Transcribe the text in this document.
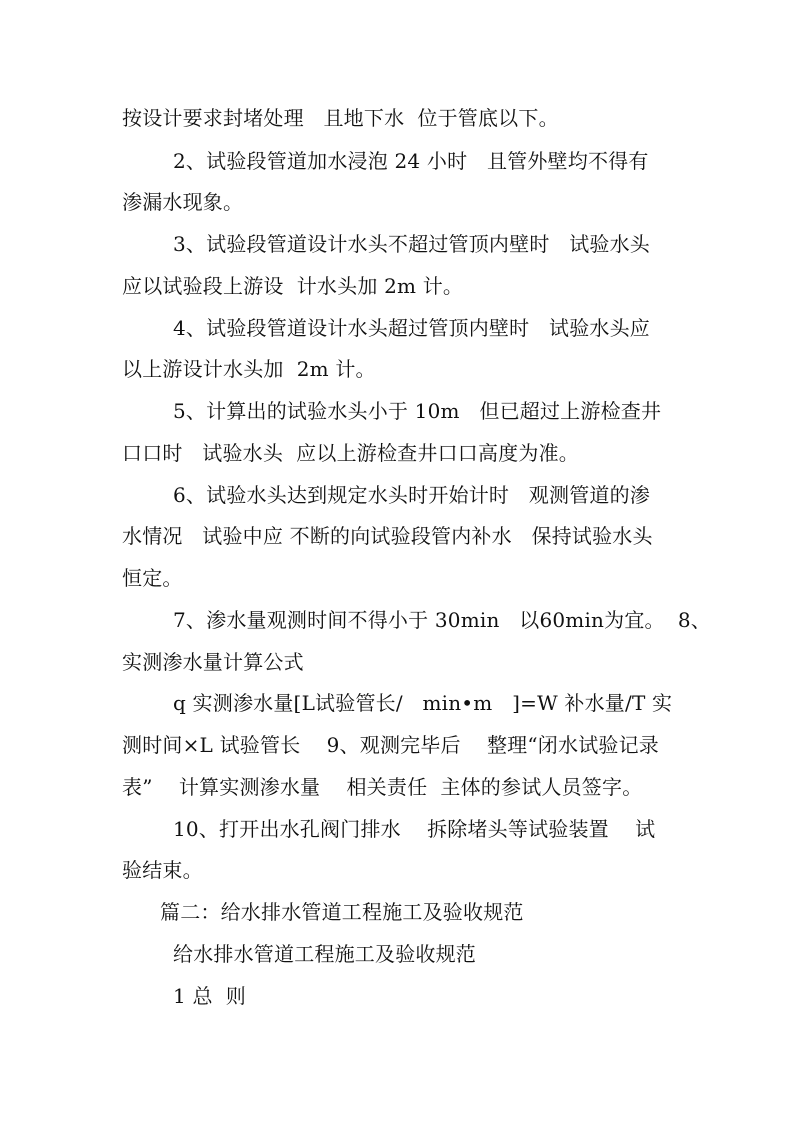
按设计要求封堵处理   且地下水  位于管底以下。
2、试验段管道加水浸泡 24 小时   且管外壁均不得有
渗漏水现象。
3、试验段管道设计水头不超过管顶内壁时   试验水头
应以试验段上游设  计水头加 2m 计。
4、试验段管道设计水头超过管顶内壁时   试验水头应
以上游设计水头加  2m 计。
5、计算出的试验水头小于 10m   但已超过上游检查井
口口时   试验水头  应以上游检查井口口高度为准。
6、试验水头达到规定水头时开始计时   观测管道的渗
水情况   试验中应 不断的向试验段管内补水   保持试验水头
恒定。
7、渗水量观测时间不得小于 30min   以60min为宜。  8、
实测渗水量计算公式
q 实测渗水量[L试验管长/   min•m   ]=W 补水量/T 实
测时间×L 试验管长    9、观测完毕后    整理“闭水试验记录
表”    计算实测渗水量    相关责任  主体的参试人员签字。
10、打开出水孔阀门排水    拆除堵头等试验装置    试
验结束。
篇二：给水排水管道工程施工及验收规范
给水排水管道工程施工及验收规范
1 总  则
